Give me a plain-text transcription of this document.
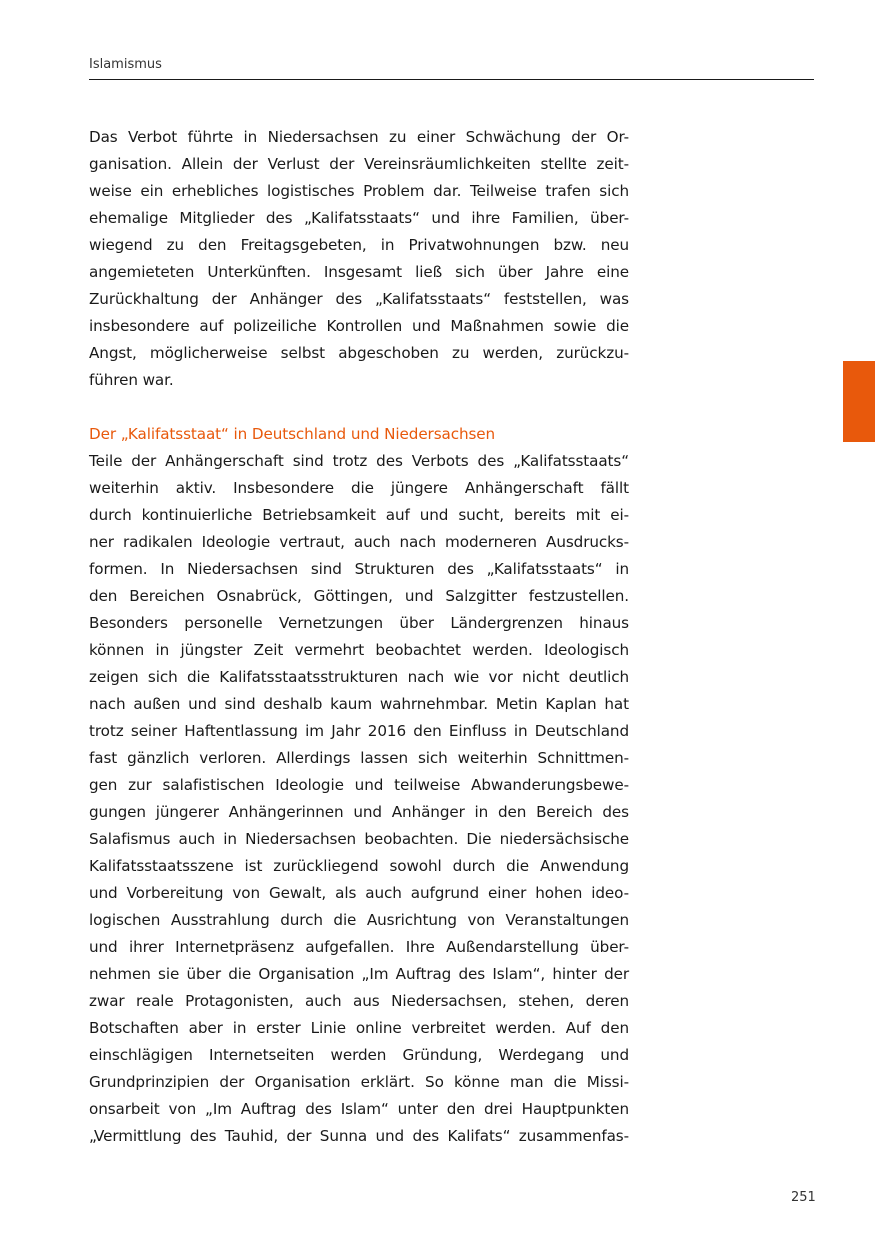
Islamismus
Das Verbot führte in Niedersachsen zu einer Schwächung der Or-
ganisation. Allein der Verlust der Vereinsräumlichkeiten stellte zeit-
weise ein erhebliches logistisches Problem dar. Teilweise trafen sich
ehemalige Mitglieder des „Kalifatsstaats“ und ihre Familien, über-
wiegend zu den Freitagsgebeten, in Privatwohnungen bzw. neu
angemieteten Unterkünften. Insgesamt ließ sich über Jahre eine
Zurückhaltung der Anhänger des „Kalifatsstaats“ feststellen, was
insbesondere auf polizeiliche Kontrollen und Maßnahmen sowie die
Angst, möglicherweise selbst abgeschoben zu werden, zurückzu-
führen war.
Der „Kalifatsstaat“ in Deutschland und Niedersachsen
Teile der Anhängerschaft sind trotz des Verbots des „Kalifatsstaats“
weiterhin aktiv. Insbesondere die jüngere Anhängerschaft fällt
durch kontinuierliche Betriebsamkeit auf und sucht, bereits mit ei-
ner radikalen Ideologie vertraut, auch nach moderneren Ausdrucks-
formen. In Niedersachsen sind Strukturen des „Kalifatsstaats“ in
den Bereichen Osnabrück, Göttingen, und Salzgitter festzustellen.
Besonders personelle Vernetzungen über Ländergrenzen hinaus
können in jüngster Zeit vermehrt beobachtet werden. Ideologisch
zeigen sich die Kalifatsstaatsstrukturen nach wie vor nicht deutlich
nach außen und sind deshalb kaum wahrnehmbar. Metin Kaplan hat
trotz seiner Haftentlassung im Jahr 2016 den Einfluss in Deutschland
fast gänzlich verloren. Allerdings lassen sich weiterhin Schnittmen-
gen zur salafistischen Ideologie und teilweise Abwanderungsbewe-
gungen jüngerer Anhängerinnen und Anhänger in den Bereich des
Salafismus auch in Niedersachsen beobachten. Die niedersächsische
Kalifatsstaatsszene ist zurückliegend sowohl durch die Anwendung
und Vorbereitung von Gewalt, als auch aufgrund einer hohen ideo-
logischen Ausstrahlung durch die Ausrichtung von Veranstaltungen
und ihrer Internetpräsenz aufgefallen. Ihre Außendarstellung über-
nehmen sie über die Organisation „Im Auftrag des Islam“, hinter der
zwar reale Protagonisten, auch aus Niedersachsen, stehen, deren
Botschaften aber in erster Linie online verbreitet werden. Auf den
einschlägigen Internetseiten werden Gründung, Werdegang und
Grundprinzipien der Organisation erklärt. So könne man die Missi-
onsarbeit von „Im Auftrag des Islam“ unter den drei Hauptpunkten
„Vermittlung des Tauhid, der Sunna und des Kalifats“ zusammenfas-
251
